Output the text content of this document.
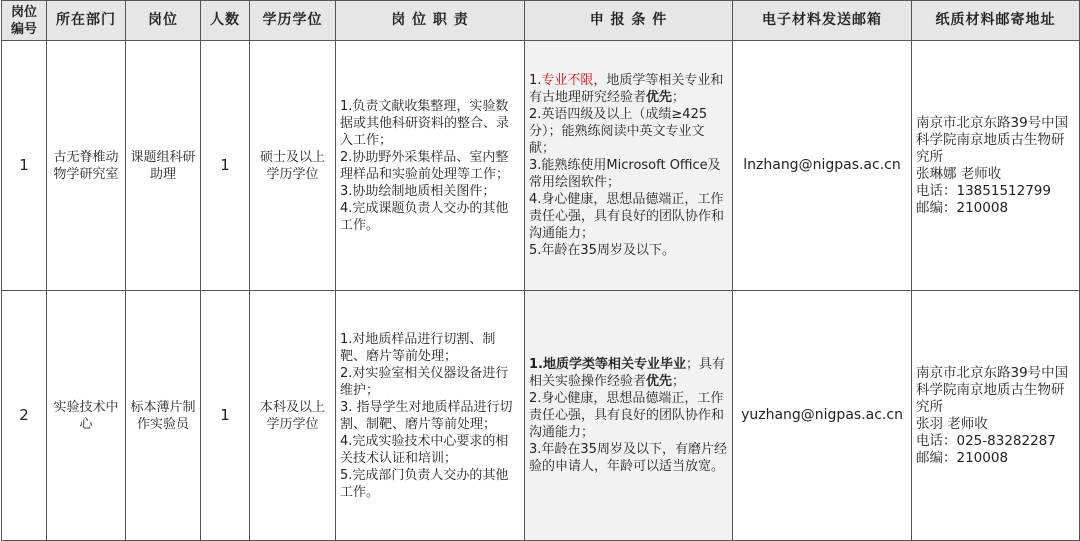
岗位编号	所在部门	岗位	人数	学历学位	岗 位 职 责	申 报 条 件	电子材料发送邮箱	纸质材料邮寄地址
1	古无脊椎动物学研究室	课题组科研助理	1	硕士及以上学历学位	1.负责文献收集整理，实验数据或其他科研资料的整合、录入工作；
2.协助野外采集样品、室内整理样品和实验前处理等工作；
3.协助绘制地质相关图件；
4.完成课题负责人交办的其他工作。	1.专业不限，地质学等相关专业和有古地理研究经验者优先；
2.英语四级及以上（成绩≥425分）；能熟练阅读中英文专业文献；
3.能熟练使用Microsoft Office及常用绘图软件；
4.身心健康，思想品德端正，工作责任心强，具有良好的团队协作和沟通能力；
5.年龄在35周岁及以下。	lnzhang@nigpas.ac.cn	南京市北京东路39号中国科学院南京地质古生物研究所
张琳娜 老师收
电话：13851512799
邮编：210008

2	实验技术中心	标本薄片制作实验员	1	本科及以上学历学位	1.对地质样品进行切割、制靶、磨片等前处理；
2.对实验室相关仪器设备进行维护；
3. 指导学生对地质样品进行切割、制靶、磨片等前处理；
4.完成实验技术中心要求的相关技术认证和培训；
5.完成部门负责人交办的其他工作。	1.地质学类等相关专业毕业；具有相关实验操作经验者优先；
2.身心健康，思想品德端正，工作责任心强，具有良好的团队协作和沟通能力；
3.年龄在35周岁及以下，有磨片经验的申请人，年龄可以适当放宽。	yuzhang@nigpas.ac.cn	南京市北京东路39号中国科学院南京地质古生物研究所
张羽 老师收
电话：025-83282287
邮编：210008
